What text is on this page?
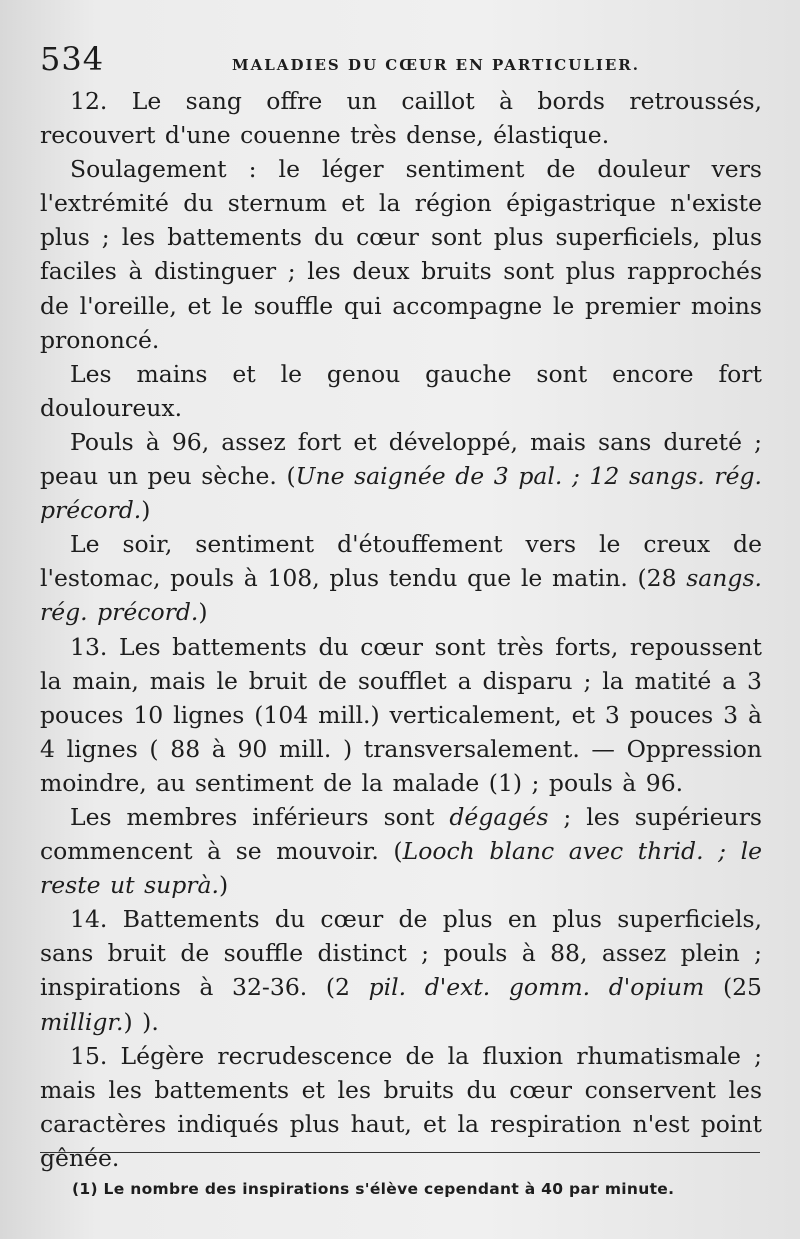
534	MALADIES DU CŒUR EN PARTICULIER.

12. Le sang offre un caillot à bords retroussés, recouvert d'une couenne très dense, élastique.

Soulagement : le léger sentiment de douleur vers l'extrémité du sternum et la région épigastrique n'existe plus ; les battements du cœur sont plus superficiels, plus faciles à distinguer ; les deux bruits sont plus rapprochés de l'oreille, et le souffle qui accompagne le premier moins prononcé.

Les mains et le genou gauche sont encore fort douloureux.

Pouls à 96, assez fort et développé, mais sans dureté ; peau un peu sèche. (Une saignée de 3 pal. ; 12 sangs. rég. précord.)

Le soir, sentiment d'étouffement vers le creux de l'estomac, pouls à 108, plus tendu que le matin. (28 sangs. rég. précord.)

13. Les battements du cœur sont très forts, repoussent la main, mais le bruit de soufflet a disparu ; la matité a 3 pouces 10 lignes (104 mill.) verticalement, et 3 pouces 3 à 4 lignes ( 88 à 90 mill. ) transversalement. — Oppression moindre, au sentiment de la malade (1) ; pouls à 96.

Les membres inférieurs sont dégagés ; les supérieurs commencent à se mouvoir. (Looch blanc avec thrid. ; le reste ut suprà.)

14. Battements du cœur de plus en plus superficiels, sans bruit de souffle distinct ; pouls à 88, assez plein ; inspirations à 32-36. (2 pil. d'ext. gomm. d'opium (25 milligr.) ).

15. Légère recrudescence de la fluxion rhumatismale ; mais les battements et les bruits du cœur conservent les caractères indiqués plus haut, et la respiration n'est point gênée.

(1) Le nombre des inspirations s'élève cependant à 40 par minute.
